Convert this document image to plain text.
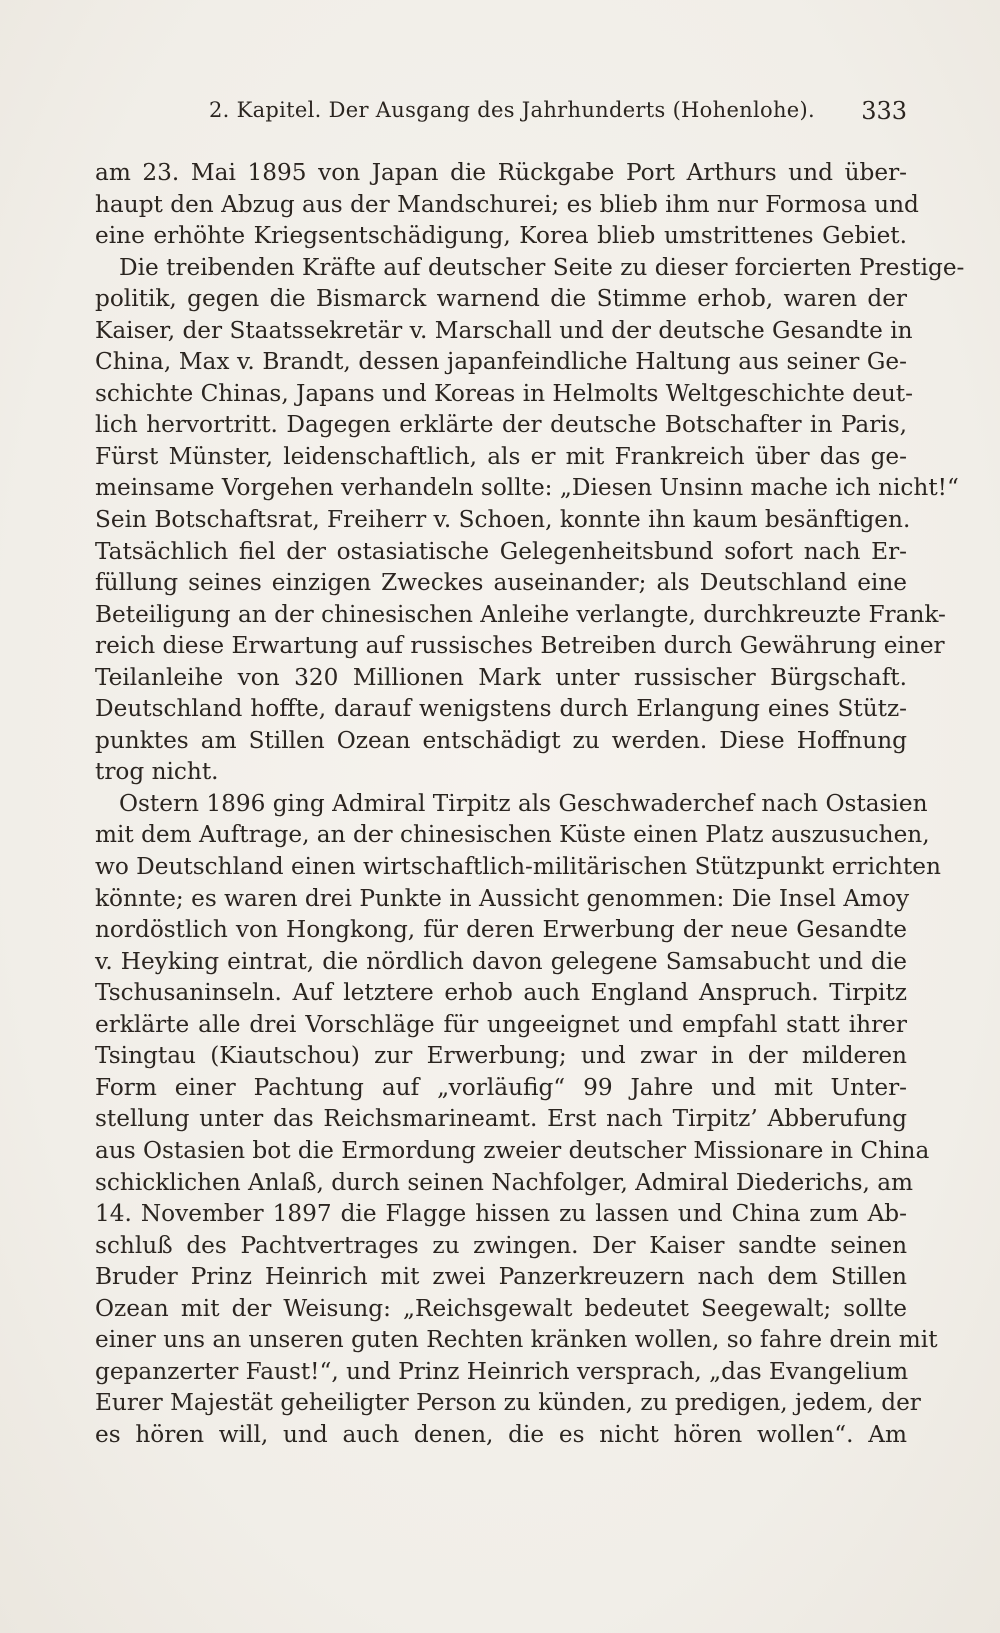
2. Kapitel. Der Ausgang des Jahrhunderts (Hohenlohe). 333
am 23. Mai 1895 von Japan die Rückgabe Port Arthurs und über-
haupt den Abzug aus der Mandschurei; es blieb ihm nur Formosa und
eine erhöhte Kriegsentschädigung, Korea blieb umstrittenes Gebiet.
Die treibenden Kräfte auf deutscher Seite zu dieser forcierten Prestige-
politik, gegen die Bismarck warnend die Stimme erhob, waren der
Kaiser, der Staatssekretär v. Marschall und der deutsche Gesandte in
China, Max v. Brandt, dessen japanfeindliche Haltung aus seiner Ge-
schichte Chinas, Japans und Koreas in Helmolts Weltgeschichte deut-
lich hervortritt. Dagegen erklärte der deutsche Botschafter in Paris,
Fürst Münster, leidenschaftlich, als er mit Frankreich über das ge-
meinsame Vorgehen verhandeln sollte: „Diesen Unsinn mache ich nicht!“
Sein Botschaftsrat, Freiherr v. Schoen, konnte ihn kaum besänftigen.
Tatsächlich fiel der ostasiatische Gelegenheitsbund sofort nach Er-
füllung seines einzigen Zweckes auseinander; als Deutschland eine
Beteiligung an der chinesischen Anleihe verlangte, durchkreuzte Frank-
reich diese Erwartung auf russisches Betreiben durch Gewährung einer
Teilanleihe von 320 Millionen Mark unter russischer Bürgschaft.
Deutschland hoffte, darauf wenigstens durch Erlangung eines Stütz-
punktes am Stillen Ozean entschädigt zu werden. Diese Hoffnung
trog nicht.
Ostern 1896 ging Admiral Tirpitz als Geschwaderchef nach Ostasien
mit dem Auftrage, an der chinesischen Küste einen Platz auszusuchen,
wo Deutschland einen wirtschaftlich-militärischen Stützpunkt errichten
könnte; es waren drei Punkte in Aussicht genommen: Die Insel Amoy
nordöstlich von Hongkong, für deren Erwerbung der neue Gesandte
v. Heyking eintrat, die nördlich davon gelegene Samsabucht und die
Tschusaninseln. Auf letztere erhob auch England Anspruch. Tirpitz
erklärte alle drei Vorschläge für ungeeignet und empfahl statt ihrer
Tsingtau (Kiautschou) zur Erwerbung; und zwar in der milderen
Form einer Pachtung auf „vorläufig“ 99 Jahre und mit Unter-
stellung unter das Reichsmarineamt. Erst nach Tirpitz’ Abberufung
aus Ostasien bot die Ermordung zweier deutscher Missionare in China
schicklichen Anlaß, durch seinen Nachfolger, Admiral Diederichs, am
14. November 1897 die Flagge hissen zu lassen und China zum Ab-
schluß des Pachtvertrages zu zwingen. Der Kaiser sandte seinen
Bruder Prinz Heinrich mit zwei Panzerkreuzern nach dem Stillen
Ozean mit der Weisung: „Reichsgewalt bedeutet Seegewalt; sollte
einer uns an unseren guten Rechten kränken wollen, so fahre drein mit
gepanzerter Faust!“, und Prinz Heinrich versprach, „das Evangelium
Eurer Majestät geheiligter Person zu künden, zu predigen, jedem, der
es hören will, und auch denen, die es nicht hören wollen“. Am
